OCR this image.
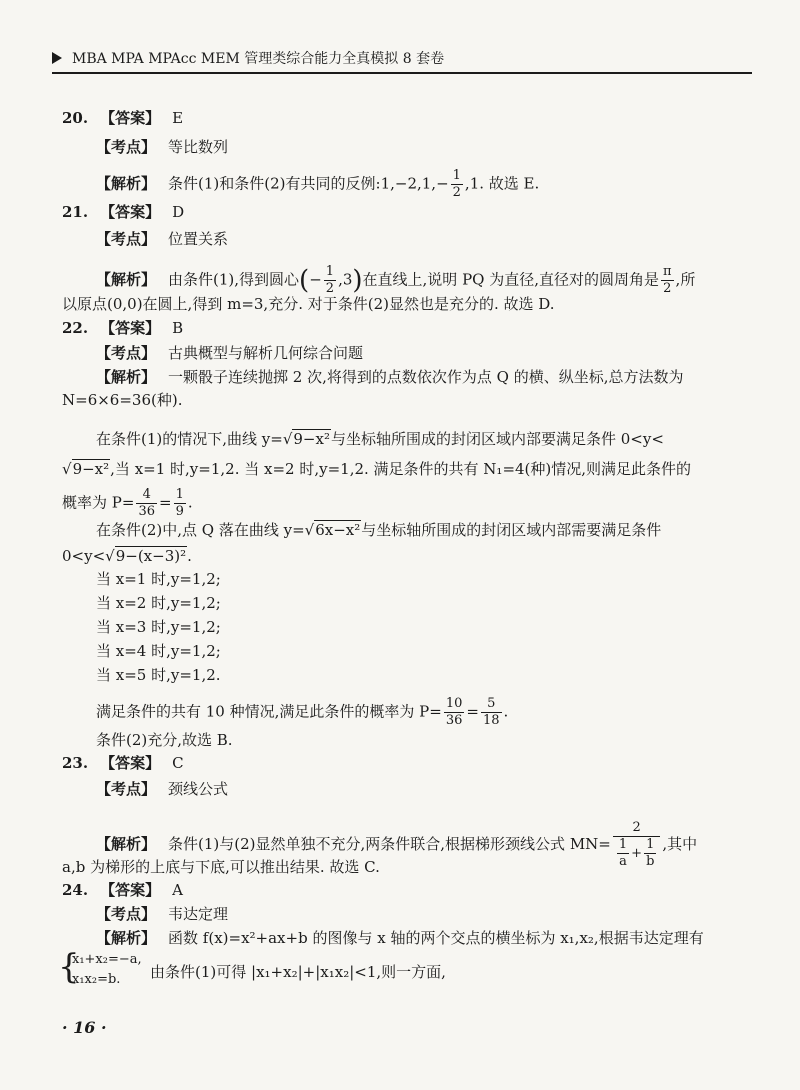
MBA MPA MPAcc MEM 管理类综合能力全真模拟 8 套卷
20. 【答案】 E
【考点】 等比数列
【解析】 条件(1)和条件(2)有共同的反例:1,−2,1,− $\frac{1}{2} ,1$. 故选 E.
21. 【答案】 D
【考点】 位置关系
【解析】 由条件(1),得到圆心(− $\frac{1}{2} ,3$)在直线上,说明 PQ 为直径,直径对的圆周角是 $\frac{\pi}{2}$ ,所
以原点(0,0)在圆上,得到 m=3,充分. 对于条件(2)显然也是充分的. 故选 D.
22. 【答案】 B
【考点】 古典概型与解析几何综合问题
【解析】 一颗骰子连续抛掷 2 次,将得到的点数依次作为点 Q 的横、纵坐标,总方法数为
N=6×6=36(种).
在条件(1)的情况下,曲线 y=√9−x²与坐标轴所围成的封闭区域内部要满足条件 0<y<
√9−x²,当 x=1 时,y=1,2. 当 x=2 时,y=1,2. 满足条件的共有 N₁=4(种)情况,则满足此条件的
概率为 $P= \frac{4}{36} = \frac{1}{9}$ .
在条件(2)中,点 Q 落在曲线 y=√6x−x²与坐标轴所围成的封闭区域内部需要满足条件
0<y<√9−(x−3)².
当 x=1 时,y=1,2;
当 x=2 时,y=1,2;
当 x=3 时,y=1,2;
当 x=4 时,y=1,2;
当 x=5 时,y=1,2.
满足条件的共有 10 种情况,满足此条件的概率为 $P= \frac{10}{36} = \frac{5}{18}$ .
条件(2)充分,故选 B.
23. 【答案】 C
【考点】 颈线公式
【解析】 条件(1)与(2)显然单独不充分,两条件联合,根据梯形颈线公式 $MN= \frac{2}{\frac{1}{a} + \frac{1}{b}}$ ,其中
a,b 为梯形的上底与下底,可以推出结果. 故选 C.
24. 【答案】 A
【考点】 韦达定理
【解析】 函数 f(x)=x²+ax+b 的图像与 x 轴的两个交点的横坐标为 x₁,x₂,根据韦达定理有
{
x₁+x₂=−a,
x₁x₂=b. 由条件(1)可得 |x₁+x₂|+|x₁x₂|<1,则一方面,
· 16 ·
